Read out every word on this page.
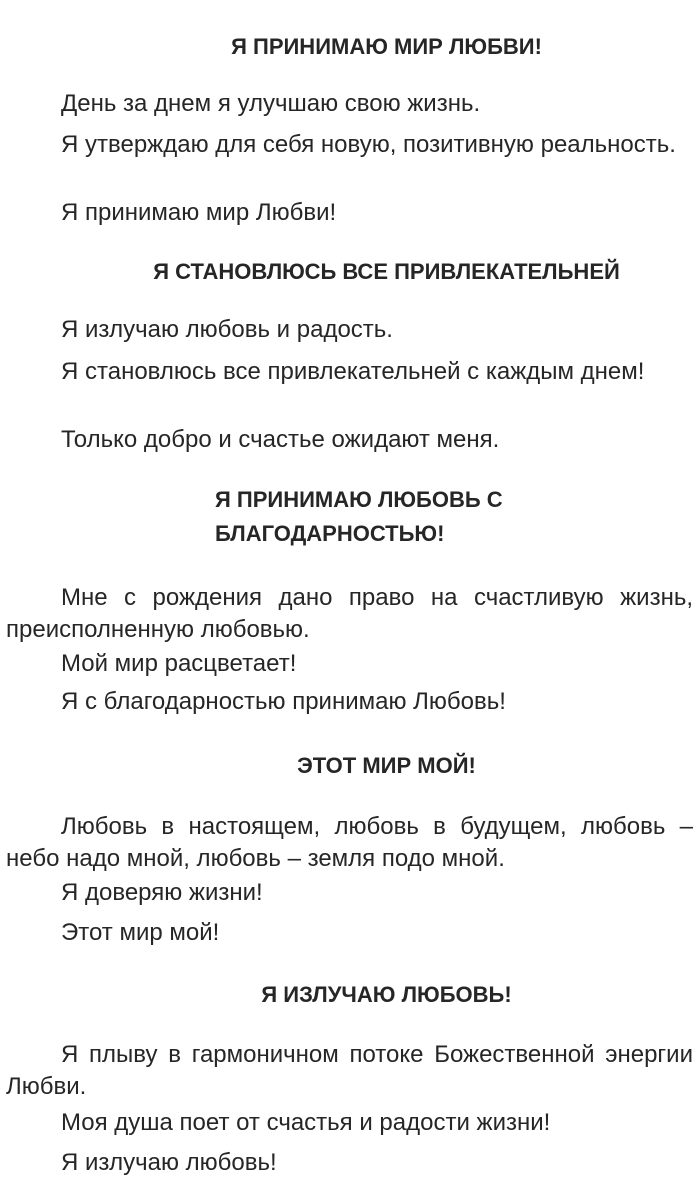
Я ПРИНИМАЮ МИР ЛЮБВИ!

День за днем я улучшаю свою жизнь.

Я утверждаю для себя новую, позитивную реальность.

Я принимаю мир Любви!

Я СТАНОВЛЮСЬ ВСЕ ПРИВЛЕКАТЕЛЬНЕЙ

Я излучаю любовь и радость.

Я становлюсь все привлекательней с каждым днем!

Только добро и счастье ожидают меня.

Я ПРИНИМАЮ ЛЮБОВЬ С БЛАГОДАРНОСТЬЮ!

Мне с рождения дано право на счастливую жизнь, преисполненную любовью.

Мой мир расцветает!

Я с благодарностью принимаю Любовь!

ЭТОТ МИР МОЙ!

Любовь в настоящем, любовь в будущем, любовь – небо надо мной, любовь – земля подо мной.

Я доверяю жизни!

Этот мир мой!

Я ИЗЛУЧАЮ ЛЮБОВЬ!

Я плыву в гармоничном потоке Божественной энергии Любви.

Моя душа поет от счастья и радости жизни!

Я излучаю любовь!
